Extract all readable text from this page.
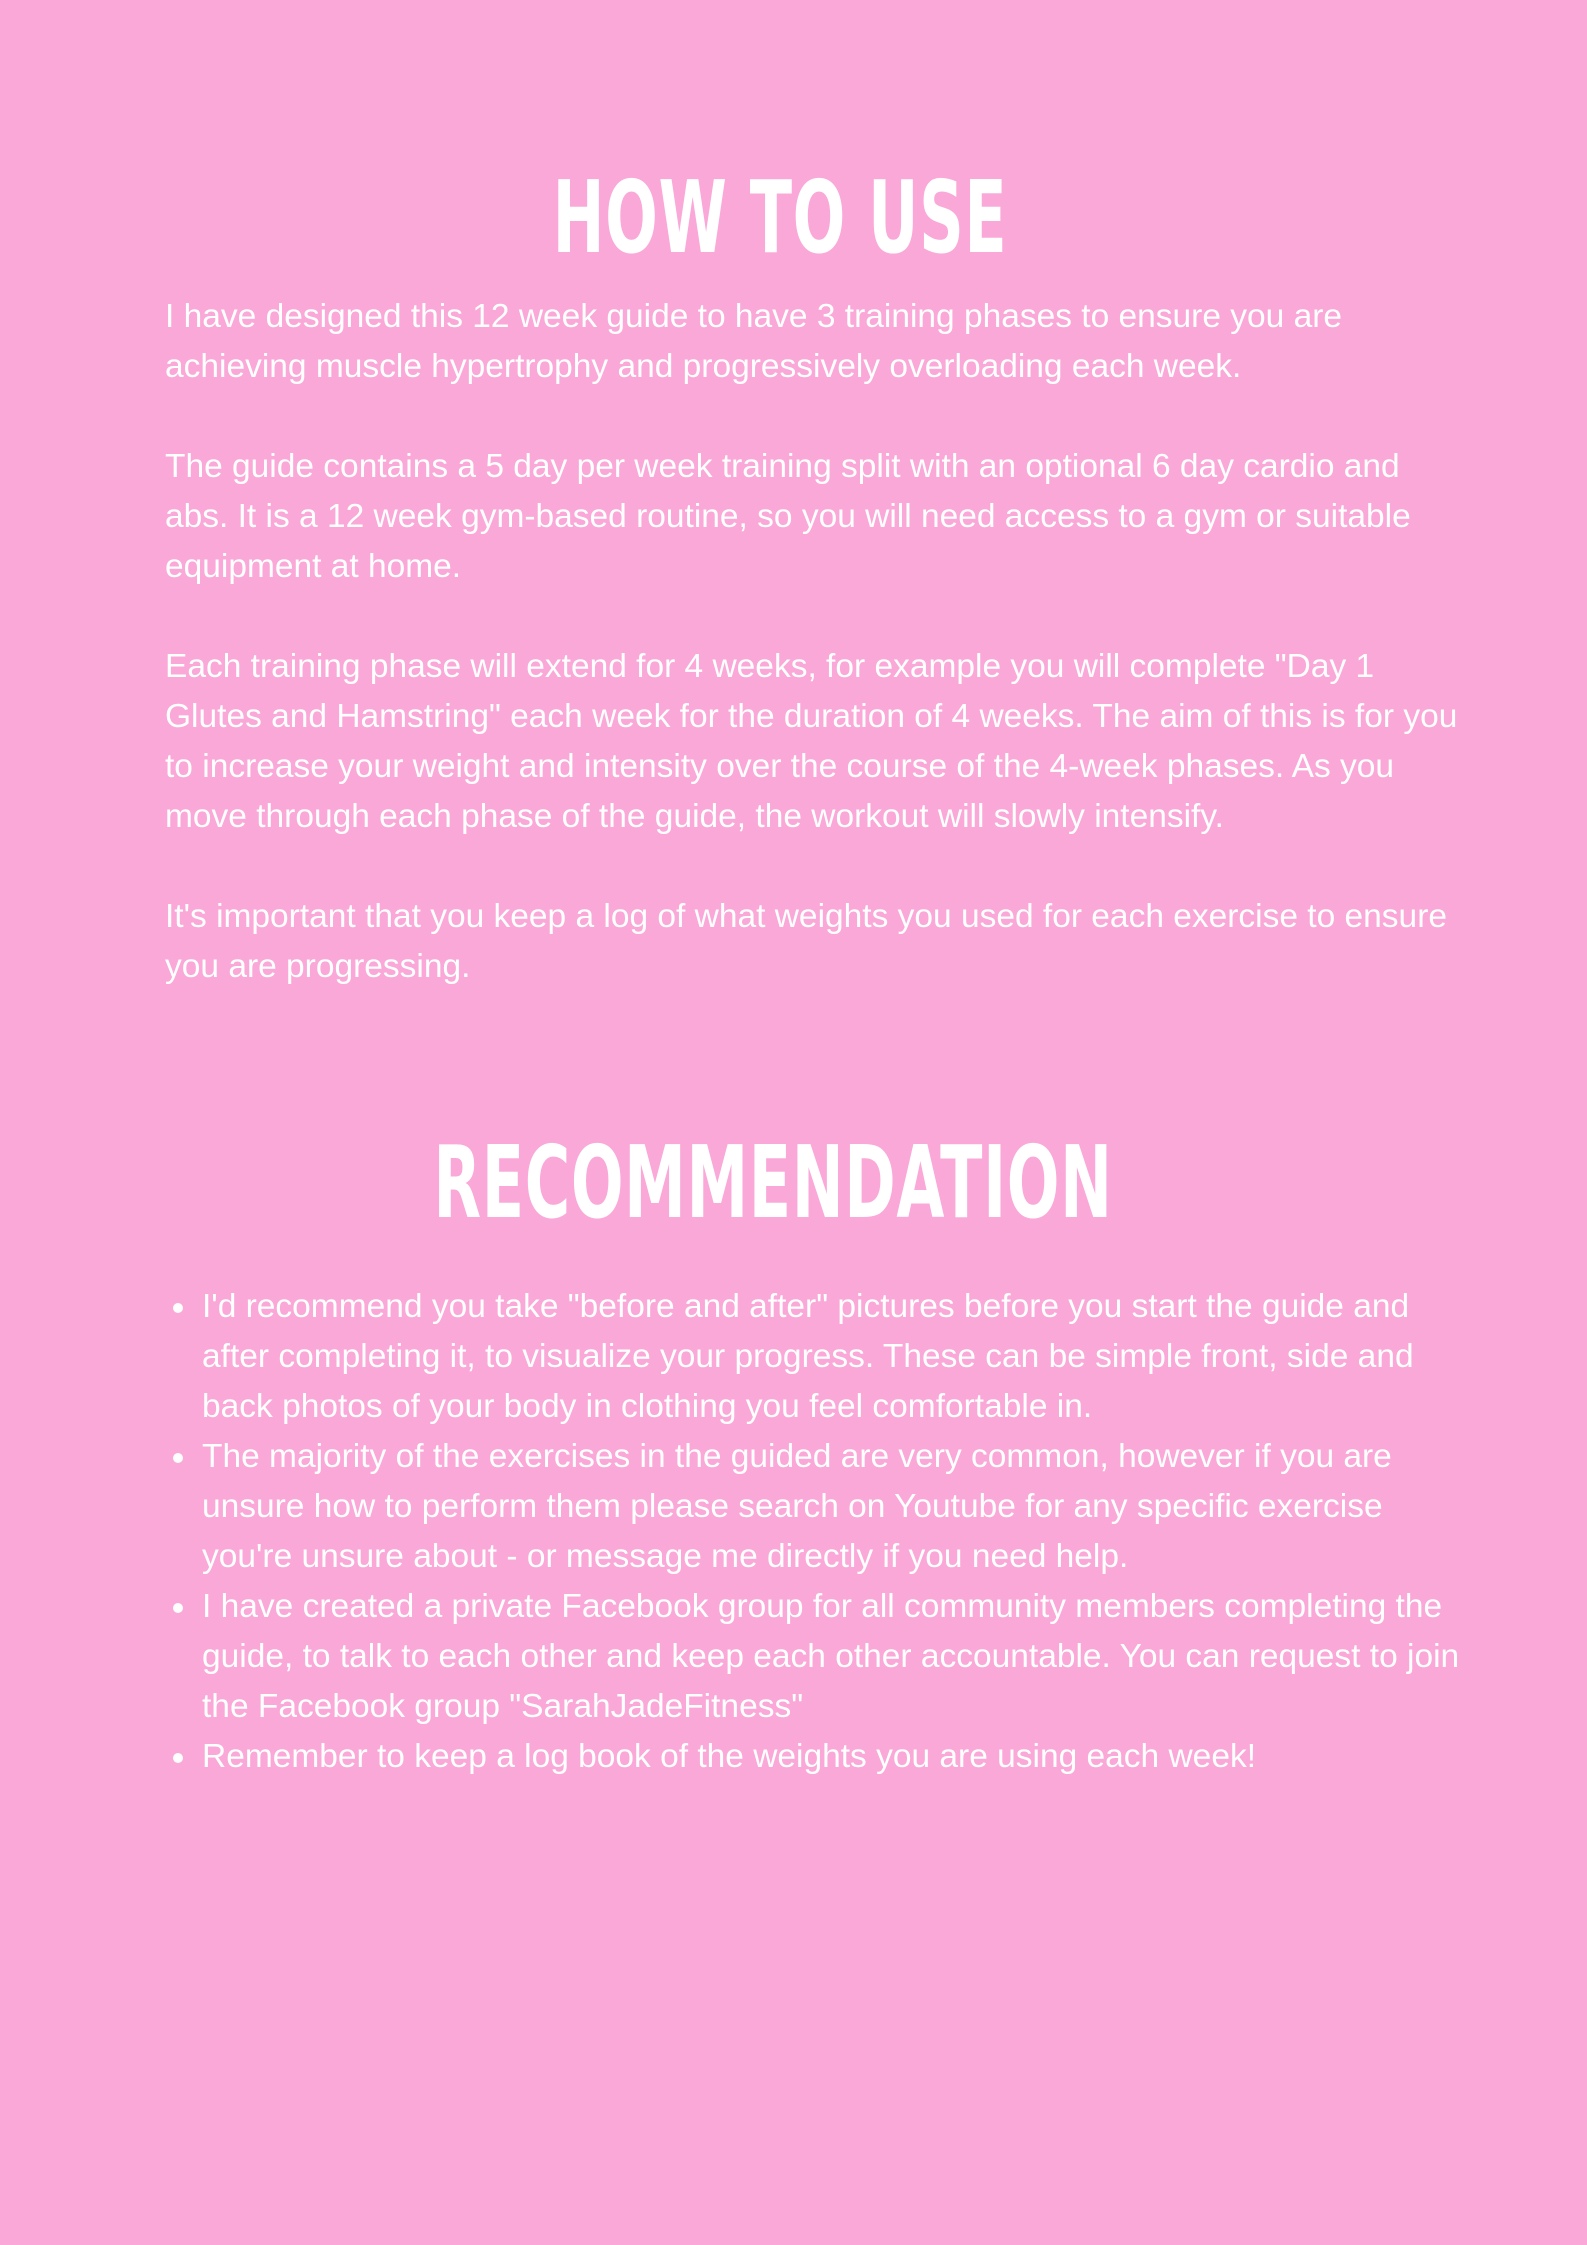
HOW TO USE

I have designed this 12 week guide to have 3 training phases to ensure you are achieving muscle hypertrophy and progressively overloading each week.

The guide contains a 5 day per week training split with an optional 6 day cardio and abs. It is a 12 week gym-based routine, so you will need access to a gym or suitable equipment at home.

Each training phase will extend for 4 weeks, for example you will complete "Day 1 Glutes and Hamstring" each week for the duration of 4 weeks. The aim of this is for you to increase your weight and intensity over the course of the 4-week phases. As you move through each phase of the guide, the workout will slowly intensify.

It's important that you keep a log of what weights you used for each exercise to ensure you are progressing.

RECOMMENDATION
I'd recommend you take "before and after" pictures before you start the guide and after completing it, to visualize your progress. These can be simple front, side and back photos of your body in clothing you feel comfortable in.
The majority of the exercises in the guided are very common, however if you are unsure how to perform them please search on Youtube for any specific exercise you're unsure about - or message me directly if you need help.
I have created a private Facebook group for all community members completing the guide, to talk to each other and keep each other accountable. You can request to join the Facebook group "SarahJadeFitness"
Remember to keep a log book of the weights you are using each week!
